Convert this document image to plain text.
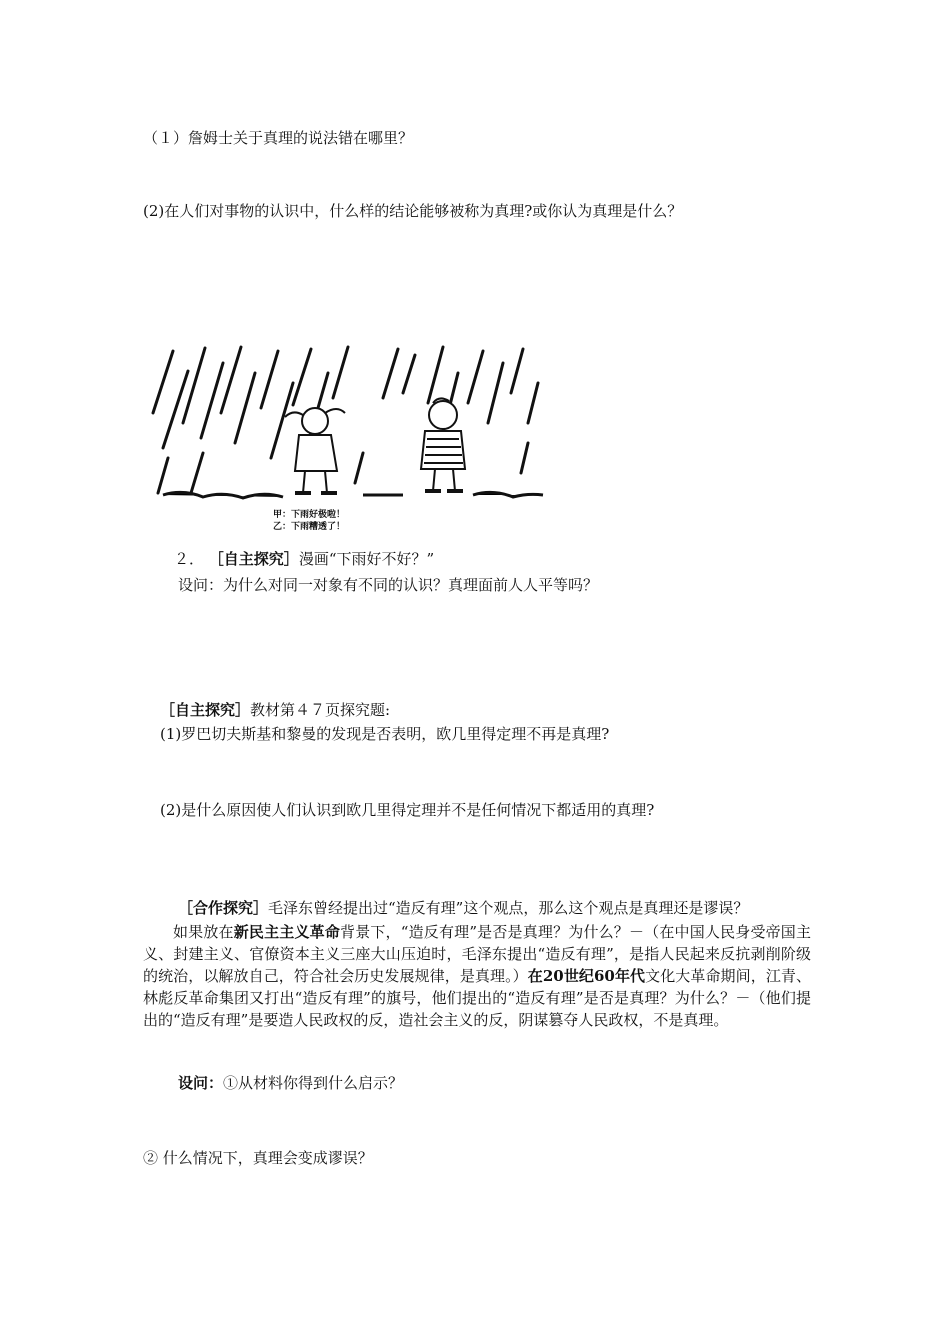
（１）詹姆士关于真理的说法错在哪里？
(2)在人们对事物的认识中，什么样的结论能够被称为真理?或你认为真理是什么？
甲：下雨好极啦！
乙：下雨糟透了！
２． ［自主探究］漫画“下雨好不好？”
设问：为什么对同一对象有不同的认识？真理面前人人平等吗？
［自主探究］教材第４７页探究题:
(1)罗巴切夫斯基和黎曼的发现是否表明，欧几里得定理不再是真理?
(2)是什么原因使人们认识到欧几里得定理并不是任何情况下都适用的真理?
［合作探究］毛泽东曾经提出过“造反有理”这个观点，那么这个观点是真理还是谬误？
如果放在新民主主义革命背景下，“造反有理”是否是真理？为什么？－（在中国人民身受帝国主义、封建主义、官僚资本主义三座大山压迫时，毛泽东提出“造反有理”，是指人民起来反抗剥削阶级的统治，以解放自己，符合社会历史发展规律，是真理。）在20世纪60年代文化大革命期间，江青、林彪反革命集团又打出“造反有理”的旗号，他们提出的“造反有理”是否是真理？为什么？－（他们提出的“造反有理”是要造人民政权的反，造社会主义的反，阴谋篡夺人民政权，不是真理。
设问：①从材料你得到什么启示？
② 什么情况下，真理会变成谬误？
